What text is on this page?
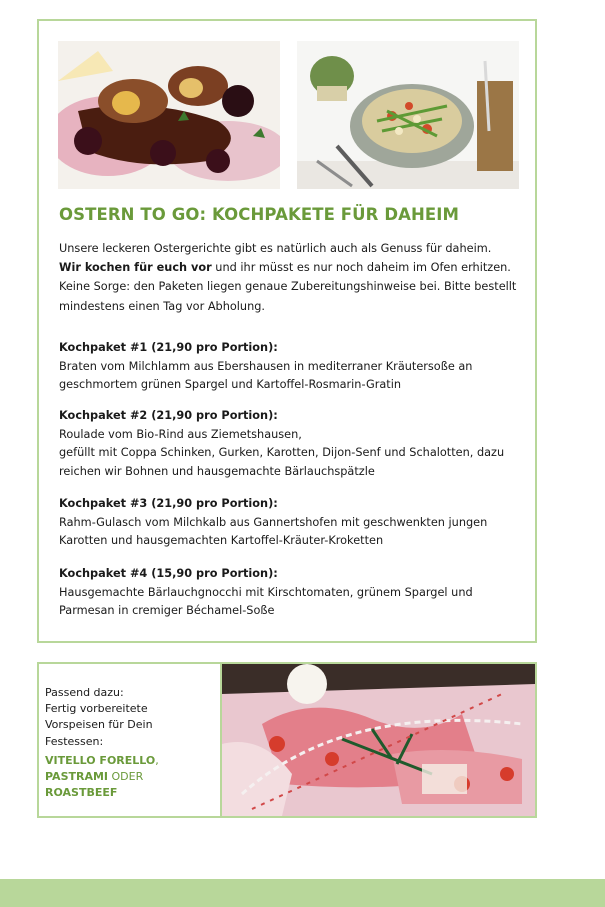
OSTERN TO GO: KOCHPAKETE FÜR DAHEIM

Unsere leckeren Ostergerichte gibt es natürlich auch als Genuss für daheim.
Wir kochen für euch vor und ihr müsst es nur noch daheim im Ofen erhitzen. Keine Sorge: den Paketen liegen genaue Zubereitungshinweise bei. Bitte bestellt mindestens einen Tag vor Abholung.

Kochpaket #1 (21,90 pro Portion):
Braten vom Milchlamm aus Ebershausen in mediterraner Kräutersoße an
geschmortem grünen Spargel und Kartoffel-Rosmarin-Gratin

Kochpaket #2 (21,90 pro Portion):
Roulade vom Bio-Rind aus Ziemetshausen,
gefüllt mit Coppa Schinken, Gurken, Karotten, Dijon-Senf und Schalotten, dazu
reichen wir Bohnen und hausgemachte Bärlauchspätzle

Kochpaket #3 (21,90 pro Portion):
Rahm-Gulasch vom Milchkalb aus Gannertshofen mit geschwenkten jungen
Karotten und hausgemachten Kartoffel-Kräuter-Kroketten

Kochpaket #4 (15,90 pro Portion):
Hausgemachte Bärlauchgnocchi mit Kirschtomaten, grünem Spargel und
Parmesan in cremiger Béchamel-Soße

Passend dazu:
Fertig vorbereitete
Vorspeisen für Dein
Festessen:

VITELLO FORELLO,
PASTRAMI ODER
ROASTBEEF
